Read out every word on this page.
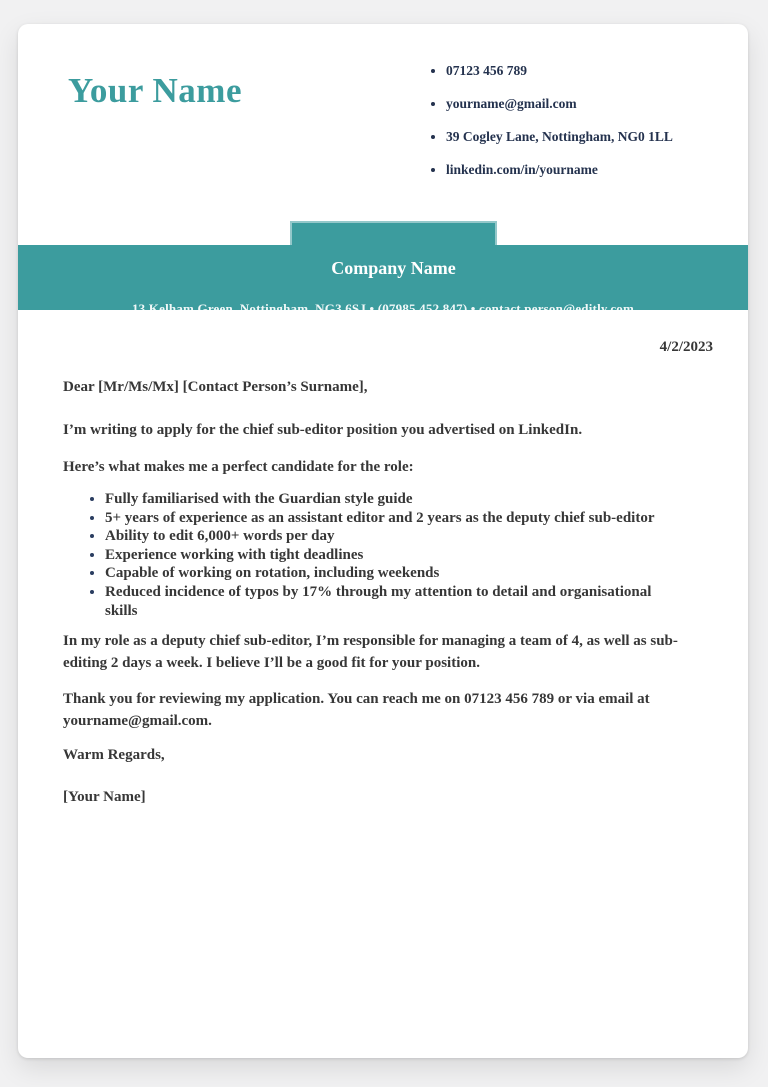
Your Name
• 07123 456 789
• yourname@gmail.com
• 39 Cogley Lane, Nottingham, NG0 1LL
• linkedin.com/in/yourname
Company Name

13 Kelham Green, Nottingham, NG3 6SJ • (07985 452 847) • contact.person@editly.com

4/2/2023

Dear [Mr/Ms/Mx] [Contact Person’s Surname],

I’m writing to apply for the chief sub-editor position you advertised on LinkedIn.

Here’s what makes me a perfect candidate for the role:

• Fully familiarised with the Guardian style guide
• 5+ years of experience as an assistant editor and 2 years as the deputy chief sub-editor
• Ability to edit 6,000+ words per day
• Experience working with tight deadlines
• Capable of working on rotation, including weekends
• Reduced incidence of typos by 17% through my attention to detail and organisational skills

In my role as a deputy chief sub-editor, I’m responsible for managing a team of 4, as well as sub-editing 2 days a week. I believe I’ll be a good fit for your position.

Thank you for reviewing my application. You can reach me on 07123 456 789 or via email at yourname@gmail.com.

Warm Regards,

[Your Name]
